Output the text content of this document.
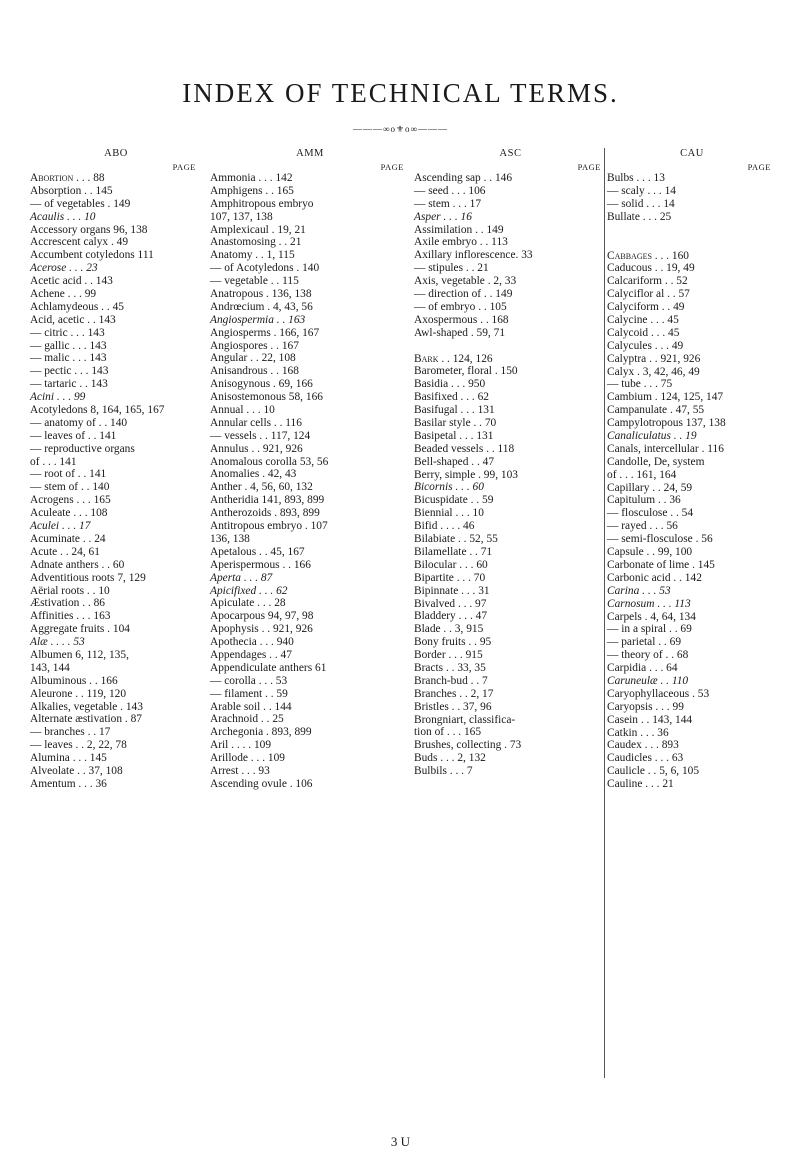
INDEX OF TECHNICAL TERMS.
———∞o⚜o∞———
ABO
PAGE
Abortion . . . 88
Absorption . . 145
— of vegetables . 149
Acaulis . . . 10
Accessory organs 96, 138
Accrescent calyx . 49
Accumbent cotyledons 111
Acerose . . . 23
Acetic acid . . 143
Achene . . . 99
Achlamydeous . . 45
Acid, acetic . . 143
— citric . . . 143
— gallic . . . 143
— malic . . . 143
— pectic . . . 143
— tartaric . . 143
Acini . . . 99
Acotyledons 8, 164, 165, 167
— anatomy of . . 140
— leaves of . . 141
— reproductive organs
of . . . 141
— root of . . 141
— stem of . . 140
Acrogens . . . 165
Aculeate . . . 108
Aculei . . . 17
Acuminate . . 24
Acute . . 24, 61
Adnate anthers . . 60
Adventitious roots 7, 129
Aërial roots . . 10
Æstivation . . 86
Affinities . . . 163
Aggregate fruits . 104
Alæ . . . . 53
Albumen 6, 112, 135,
143, 144
Albuminous . . 166
Aleurone . . 119, 120
Alkalies, vegetable . 143
Alternate æstivation . 87
— branches . . 17
— leaves . . 2, 22, 78
Alumina . . . 145
Alveolate . . 37, 108
Amentum . . . 36
AMM
PAGE
Ammonia . . . 142
Amphigens . . 165
Amphitropous embryo
107, 137, 138
Amplexicaul . 19, 21
Anastomosing . . 21
Anatomy . . 1, 115
— of Acotyledons . 140
— vegetable . . 115
Anatropous . 136, 138
Andrœcium . 4, 43, 56
Angiospermia . . 163
Angiosperms . 166, 167
Angiospores . . 167
Angular . . 22, 108
Anisandrous . . 168
Anisogynous . 69, 166
Anisostemonous 58, 166
Annual . . . 10
Annular cells . . 116
— vessels . . 117, 124
Annulus . . 921, 926
Anomalous corolla 53, 56
Anomalies . 42, 43
Anther . 4, 56, 60, 132
Antheridia 141, 893, 899
Antherozoids . 893, 899
Antitropous embryo . 107
136, 138
Apetalous . . 45, 167
Aperispermous . . 166
Aperta . . . 87
Apicifixed . . . 62
Apiculate . . . 28
Apocarpous 94, 97, 98
Apophysis . . 921, 926
Apothecia . . . 940
Appendages . . 47
Appendiculate anthers 61
— corolla . . . 53
— filament . . 59
Arable soil . . 144
Arachnoid . . 25
Archegonia . 893, 899
Aril . . . . 109
Arillode . . . 109
Arrest . . . 93
Ascending ovule . 106
ASC
PAGE
Ascending sap . . 146
— seed . . . 106
— stem . . . 17
Asper . . . 16
Assimilation . . 149
Axile embryo . . 113
Axillary inflorescence. 33
— stipules . . 21
Axis, vegetable . 2, 33
— direction of . . 149
— of embryo . . 105
Axospermous . . 168
Awl-shaped . 59, 71
Bark . . 124, 126
Barometer, floral . 150
Basidia . . . 950
Basifixed . . . 62
Basifugal . . . 131
Basilar style . . 70
Basipetal . . . 131
Beaded vessels . . 118
Bell-shaped . . 47
Berry, simple . 99, 103
Bicornis . . . 60
Bicuspidate . . 59
Biennial . . . 10
Bifid . . . . 46
Bilabiate . . 52, 55
Bilamellate . . 71
Bilocular . . . 60
Bipartite . . . 70
Bipinnate . . . 31
Bivalved . . . 97
Bladdery . . . 47
Blade . . 3, 915
Bony fruits . . 95
Border . . . 915
Bracts . . 33, 35
Branch-bud . . 7
Branches . . 2, 17
Bristles . . 37, 96
Brongniart, classifica-
tion of . . . 165
Brushes, collecting . 73
Buds . . . 2, 132
Bulbils . . . 7
CAU
PAGE
Bulbs . . . 13
— scaly . . . 14
— solid . . . 14
Bullate . . . 25
Cabbages . . . 160
Caducous . . 19, 49
Calcariform . . 52
Calyciflor al . . 57
Calyciform . . 49
Calycine . . . 45
Calycoid . . . 45
Calycules . . . 49
Calyptra . . 921, 926
Calyx . 3, 42, 46, 49
— tube . . . 75
Cambium . 124, 125, 147
Campanulate . 47, 55
Campylotropous 137, 138
Canaliculatus . . 19
Canals, intercellular . 116
Candolle, De, system
of . . . 161, 164
Capillary . . 24, 59
Capitulum . . 36
— flosculose . . 54
— rayed . . . 56
— semi-flosculose . 56
Capsule . . 99, 100
Carbonate of lime . 145
Carbonic acid . . 142
Carina . . . 53
Carnosum . . . 113
Carpels . 4, 64, 134
— in a spiral . . 69
— parietal . . 69
— theory of . . 68
Carpidia . . . 64
Caruneulæ . . 110
Caryophyllaceous . 53
Caryopsis . . . 99
Casein . . 143, 144
Catkin . . . 36
Caudex . . . 893
Caudicles . . . 63
Caulicle . . 5, 6, 105
Cauline . . . 21
3 U
